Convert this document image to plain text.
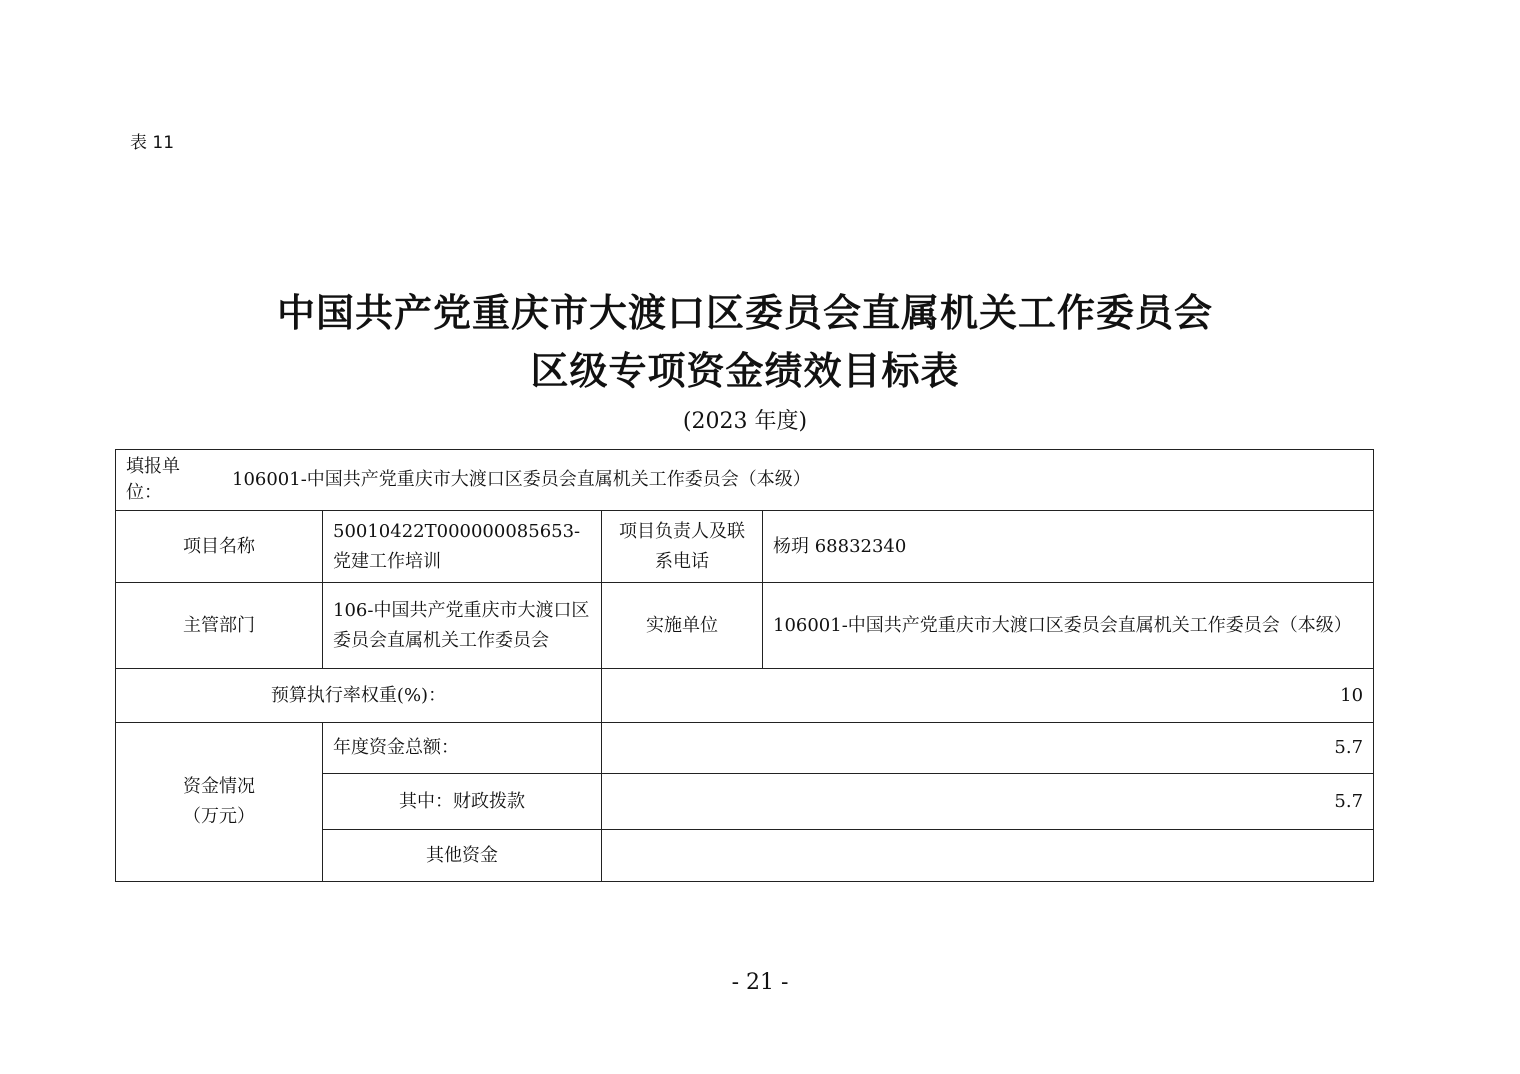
表 11
中国共产党重庆市大渡口区委员会直属机关工作委员会
区级专项资金绩效目标表
(2023 年度)
填报单位：
106001-中国共产党重庆市大渡口区委员会直属机关工作委员会（本级）			

项目名称	50010422T000000085653-党建工作培训	项目负责人及联系电话	杨玥 68832340
主管部门	106-中国共产党重庆市大渡口区委员会直属机关工作委员会	实施单位	106001-中国共产党重庆市大渡口区委员会直属机关工作委员会（本级）
预算执行率权重(%)：		10	

资金情况（万元）	年度资金总额：	5.7	
	其中：财政拨款	5.7	
	其他资金		
- 21 -
